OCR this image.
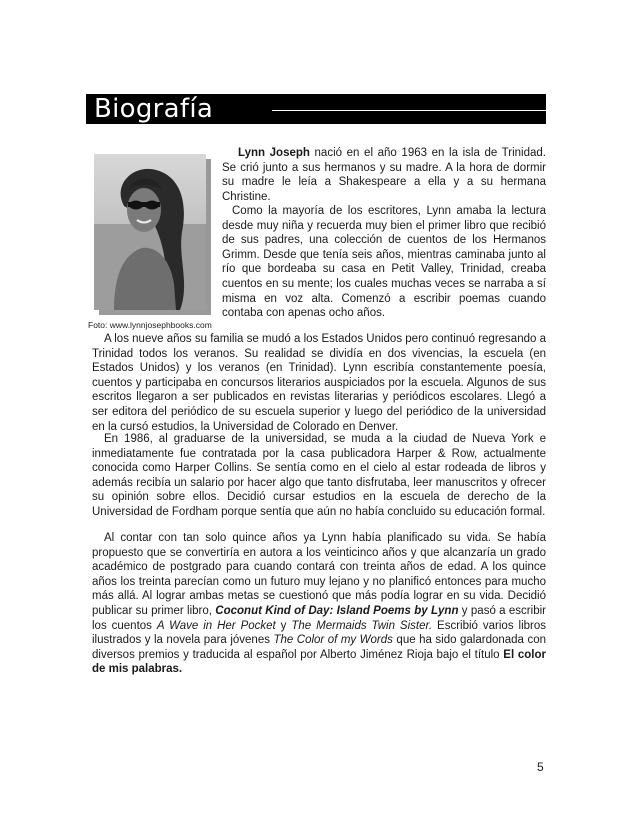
Biografía
Foto: www.lynnjosephbooks.com

Lynn Joseph nació en el año 1963 en la isla de Trinidad. Se crió junto a sus hermanos y su madre. A la hora de dormir su madre le leía a Shakespeare a ella y a su hermana Christine.

Como la mayoría de los escritores, Lynn amaba la lectura desde muy niña y recuerda muy bien el primer libro que recibió de sus padres, una colección de cuentos de los Hermanos Grimm. Desde que tenía seis años, mientras caminaba junto al río que bordeaba su casa en Petit Valley, Trinidad, creaba cuentos en su mente; los cuales muchas veces se narraba a sí misma en voz alta. Comenzó a escribir poemas cuando contaba con apenas ocho años.

A los nueve años su familia se mudó a los Estados Unidos pero continuó regresando a Trinidad todos los veranos. Su realidad se dividía en dos vivencias, la escuela (en Estados Unidos) y los veranos (en Trinidad). Lynn escribía constantemente poesía, cuentos y participaba en concursos literarios auspiciados por la escuela. Algunos de sus escritos llegaron a ser publicados en revistas literarias y periódicos escolares. Llegó a ser editora del periódico de su escuela superior y luego del periódico de la universidad en la cursó estudios, la Universidad de Colorado en Denver.

En 1986, al graduarse de la universidad, se muda a la ciudad de Nueva York e inmediatamente fue contratada por la casa publicadora Harper & Row, actualmente conocida como Harper Collins. Se sentía como en el cielo al estar rodeada de libros y además recibía un salario por hacer algo que tanto disfrutaba, leer manuscritos y ofrecer su opinión sobre ellos. Decidió cursar estudios en la escuela de derecho de la Universidad de Fordham porque sentía que aún no había concluido su educación formal.

Al contar con tan solo quince años ya Lynn había planificado su vida. Se había propuesto que se convertiría en autora a los veinticinco años y que alcanzaría un grado académico de postgrado para cuando contará con treinta años de edad. A los quince años los treinta parecían como un futuro muy lejano y no planificó entonces para mucho más allá. Al lograr ambas metas se cuestionó que más podía lograr en su vida. Decidió publicar su primer libro, Coconut Kind of Day: Island Poems by Lynn y pasó a escribir los cuentos A Wave in Her Pocket y The Mermaids Twin Sister. Escribió varios libros ilustrados y la novela para jóvenes The Color of my Words que ha sido galardonada con diversos premios y traducida al español por Alberto Jiménez Rioja bajo el título El color de mis palabras.

5
